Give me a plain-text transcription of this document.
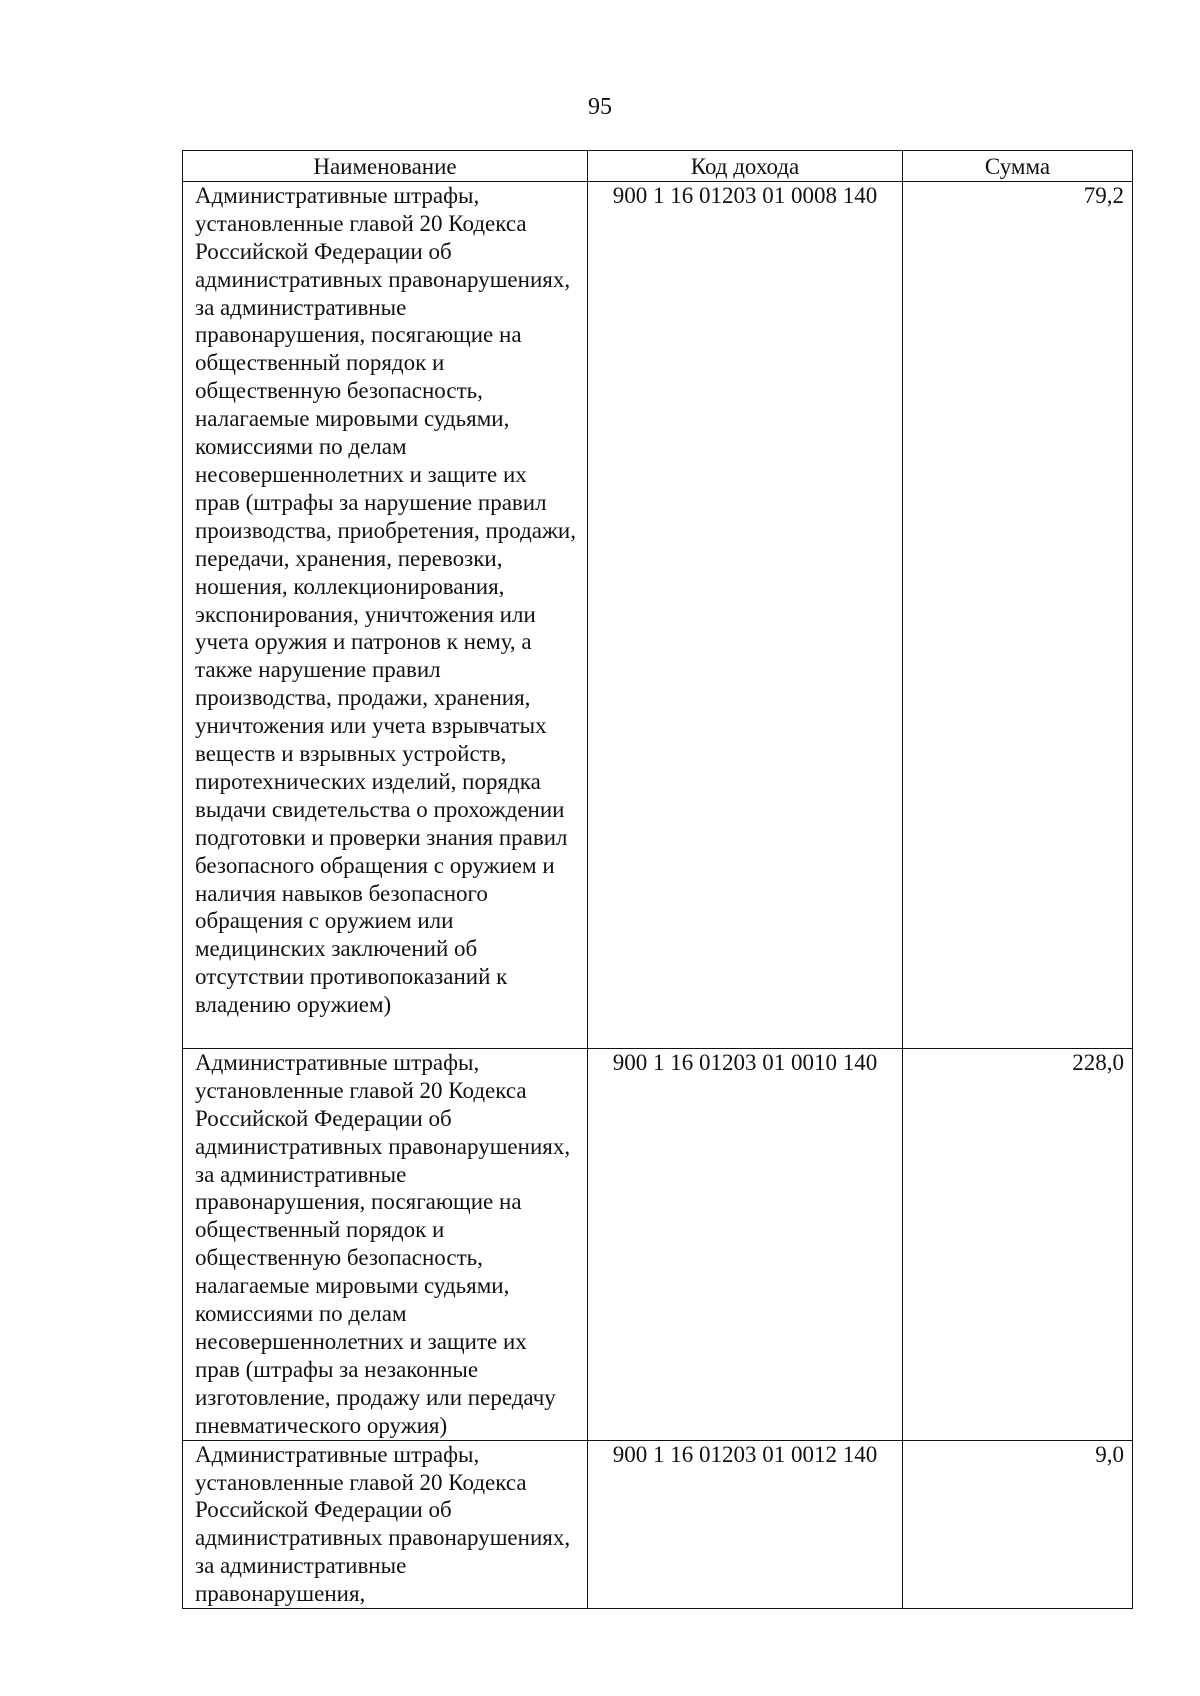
95
Наименование	Код дохода	Сумма
Административные штрафы, установленные главой 20 Кодекса Российской Федерации об административных правонарушениях, за административные правонарушения, посягающие на общественный порядок и общественную безопасность, налагаемые мировыми судьями, комиссиями по делам несовершеннолетних и защите их прав (штрафы за нарушение правил производства, приобретения, продажи, передачи, хранения, перевозки, ношения, коллекционирования, экспонирования, уничтожения или учета оружия и патронов к нему, а также нарушение правил производства, продажи, хранения, уничтожения или учета взрывчатых веществ и взрывных устройств, пиротехнических изделий, порядка выдачи свидетельства о прохождении подготовки и проверки знания правил безопасного обращения с оружием и наличия навыков безопасного обращения с оружием или медицинских заключений об отсутствии противопоказаний к владению оружием)	900 1 16 01203 01 0008 140	79,2
Административные штрафы, установленные главой 20 Кодекса Российской Федерации об административных правонарушениях, за административные правонарушения, посягающие на общественный порядок и общественную безопасность, налагаемые мировыми судьями, комиссиями по делам несовершеннолетних и защите их прав (штрафы за незаконные изготовление, продажу или передачу пневматического оружия)	900 1 16 01203 01 0010 140	228,0
Административные штрафы, установленные главой 20 Кодекса Российской Федерации об административных правонарушениях, за административные правонарушения,	900 1 16 01203 01 0012 140	9,0
